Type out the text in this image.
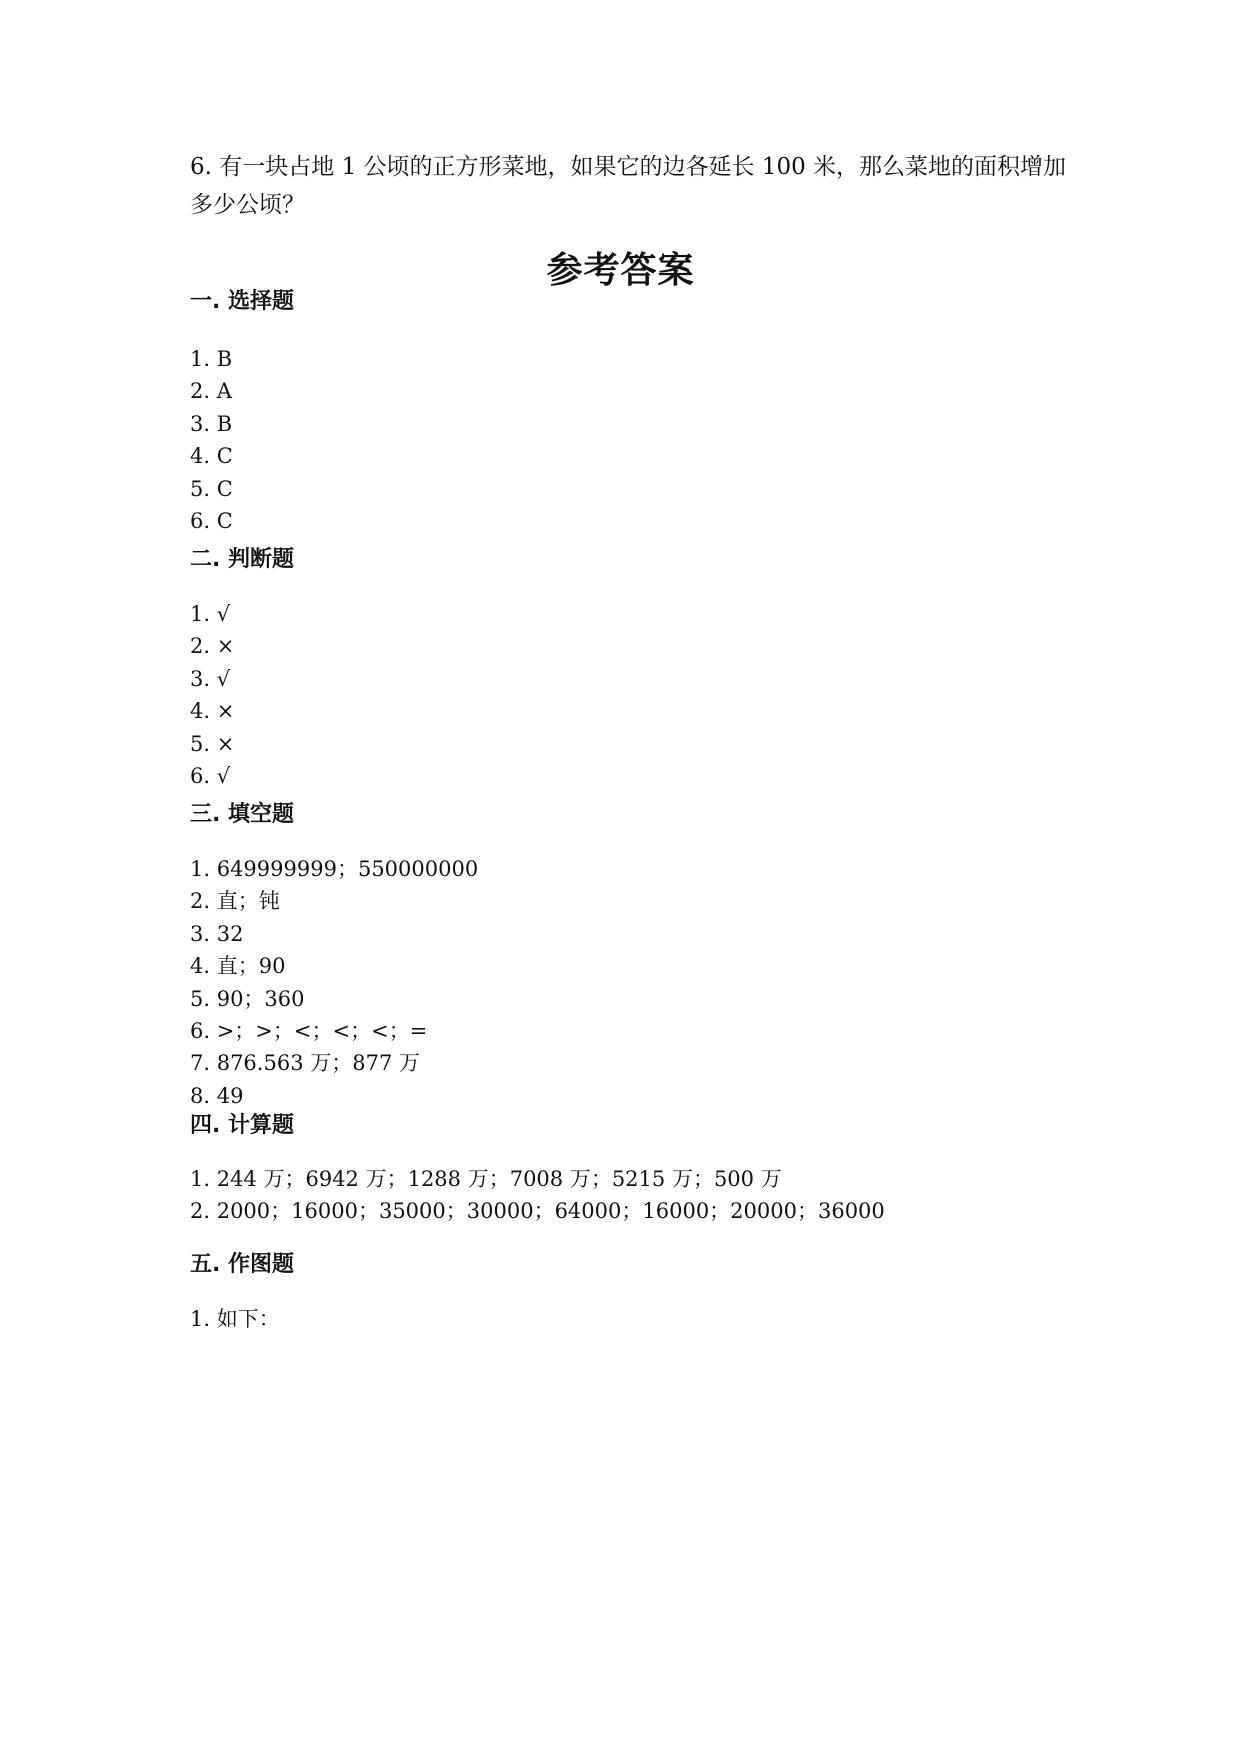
6. 有一块占地 1 公顷的正方形菜地，如果它的边各延长 100 米，那么菜地的面积增加多少公顷？

参考答案
一. 选择题
1. B
2. A
3. B
4. C
5. C
6. C
二. 判断题
1. √
2. ×
3. √
4. ×
5. ×
6. √
三. 填空题
1. 649999999；550000000
2. 直；钝
3. 32
4. 直；90
5. 90；360
6. >；>；<；<；<；=
7. 876.563 万；877 万
8. 49
四. 计算题
1. 244 万；6942 万；1288 万；7008 万；5215 万；500 万
2. 2000；16000；35000；30000；64000；16000；20000；36000
五. 作图题
1. 如下：
